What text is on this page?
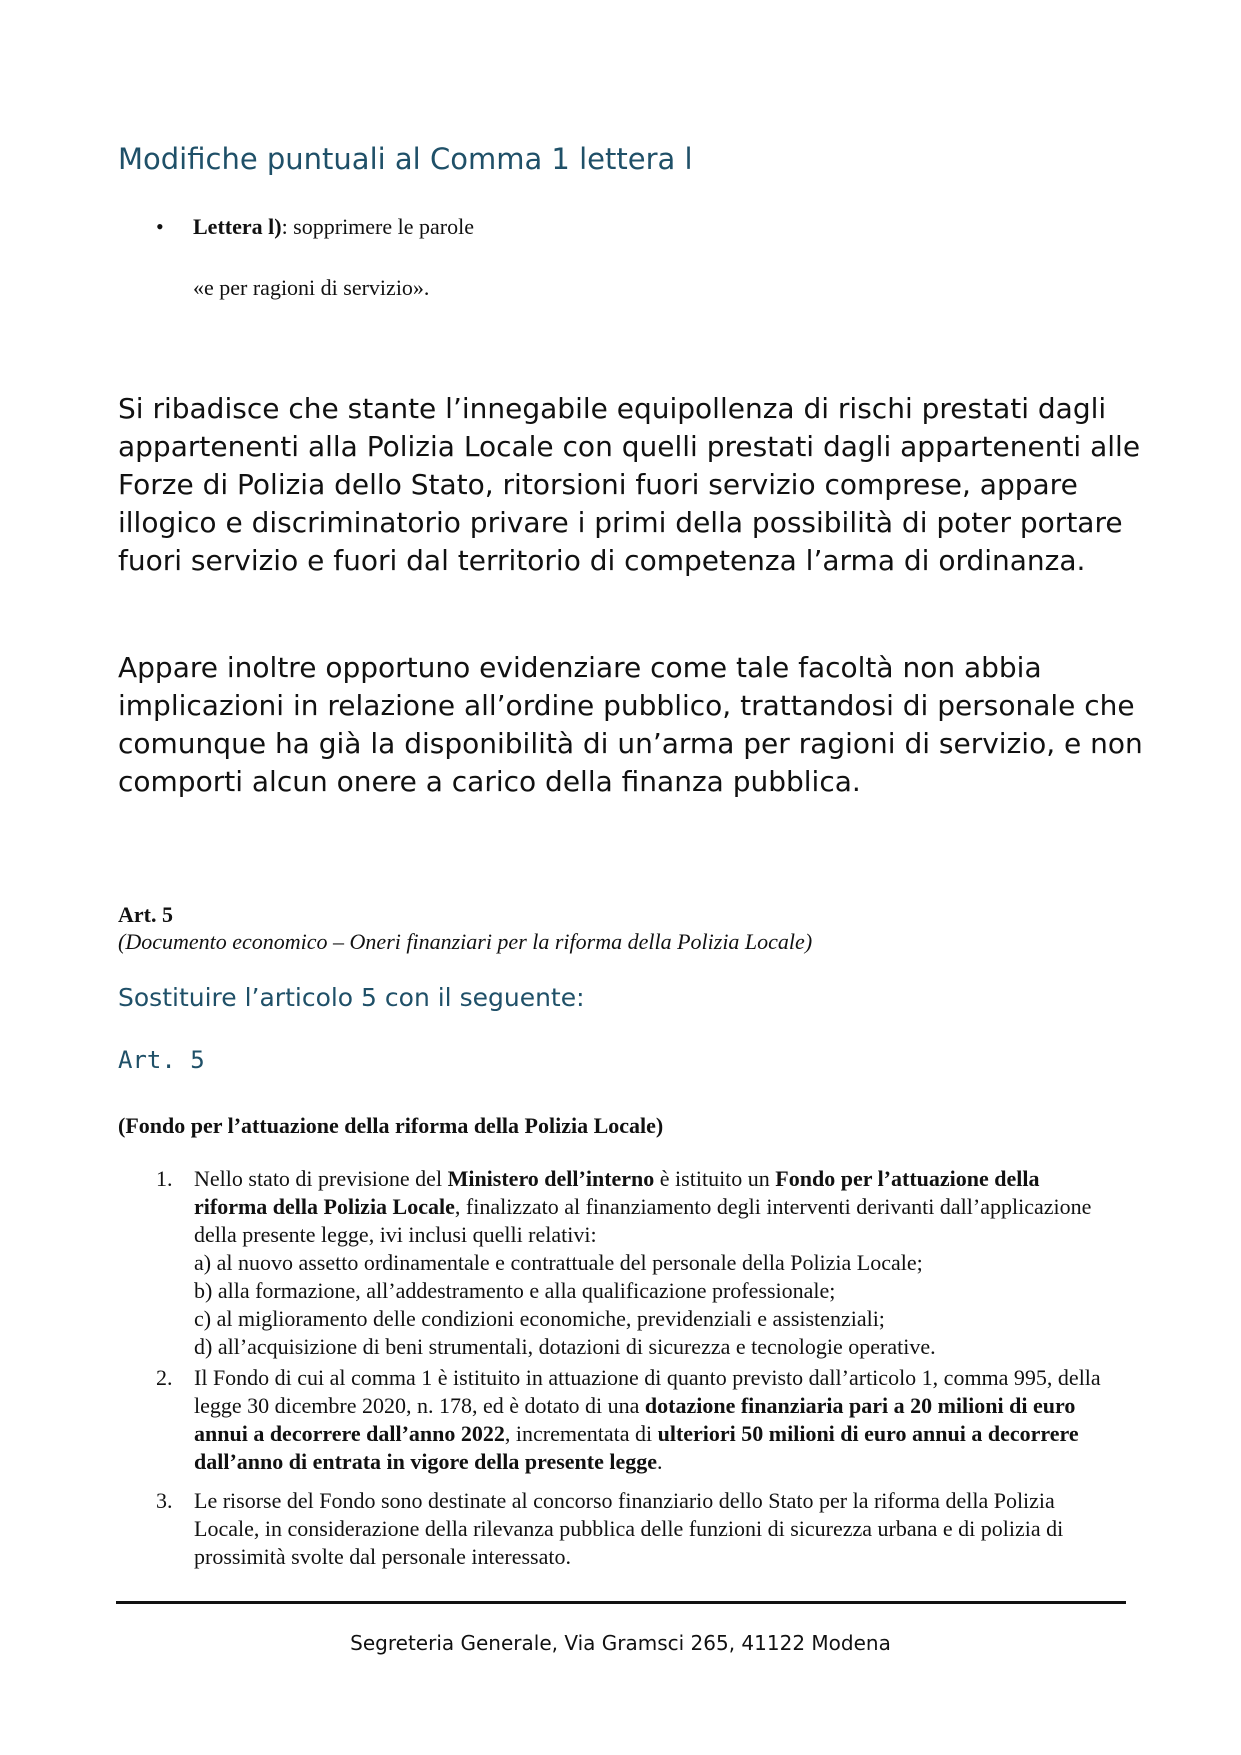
Modifiche puntuali al Comma 1 lettera l
• Lettera l): sopprimere le parole

«e per ragioni di servizio».

Si ribadisce che stante l’innegabile equipollenza di rischi prestati dagli appartenenti alla Polizia Locale con quelli prestati dagli appartenenti alle Forze di Polizia dello Stato, ritorsioni fuori servizio comprese, appare illogico e discriminatorio privare i primi della possibilità di poter portare fuori servizio e fuori dal territorio di competenza l’arma di ordinanza.

Appare inoltre opportuno evidenziare come tale facoltà non abbia implicazioni in relazione all’ordine pubblico, trattandosi di personale che comunque ha già la disponibilità di un’arma per ragioni di servizio, e non comporti alcun onere a carico della finanza pubblica.

Art. 5

(Documento economico – Oneri finanziari per la riforma della Polizia Locale)

Sostituire l’articolo 5 con il seguente:

Art. 5

(Fondo per l’attuazione della riforma della Polizia Locale)

1. Nello stato di previsione del Ministero dell’interno è istituito un Fondo per l’attuazione della riforma della Polizia Locale, finalizzato al finanziamento degli interventi derivanti dall’applicazione della presente legge, ivi inclusi quelli relativi:
a) al nuovo assetto ordinamentale e contrattuale del personale della Polizia Locale;
b) alla formazione, all’addestramento e alla qualificazione professionale;
c) al miglioramento delle condizioni economiche, previdenziali e assistenziali;
d) all’acquisizione di beni strumentali, dotazioni di sicurezza e tecnologie operative.
2. Il Fondo di cui al comma 1 è istituito in attuazione di quanto previsto dall’articolo 1, comma 995, della legge 30 dicembre 2020, n. 178, ed è dotato di una dotazione finanziaria pari a 20 milioni di euro annui a decorrere dall’anno 2022, incrementata di ulteriori 50 milioni di euro annui a decorrere dall’anno di entrata in vigore della presente legge.
3. Le risorse del Fondo sono destinate al concorso finanziario dello Stato per la riforma della Polizia Locale, in considerazione della rilevanza pubblica delle funzioni di sicurezza urbana e di polizia di prossimità svolte dal personale interessato.

Segreteria Generale, Via Gramsci 265, 41122 Modena
